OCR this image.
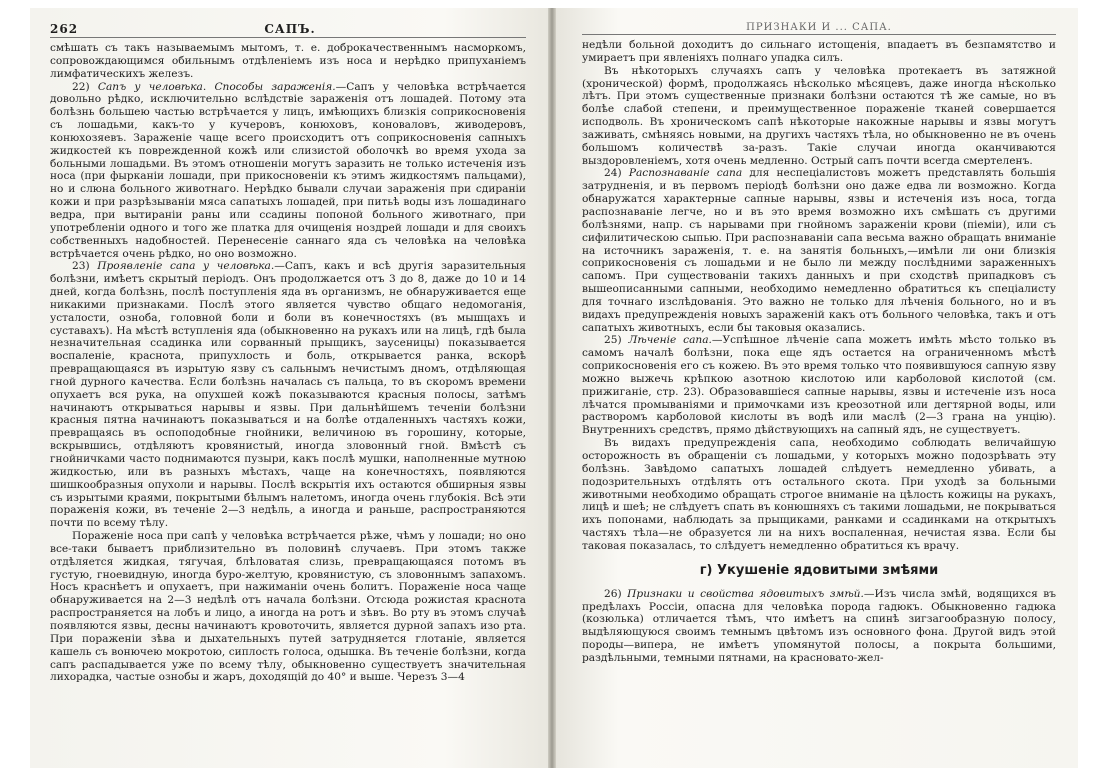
262	САПЪ.

смѣшать съ такъ называемымъ мытомъ, т. е. доброкачественнымъ насморкомъ, сопровождающимся обильнымъ отдѣленіемъ изъ носа и нерѣдко припуханіемъ лимфатическихъ железъ.

22) Сапъ у человѣка. Способы зараженія.—Сапъ у человѣка встрѣчается довольно рѣдко, исключительно вслѣдствіе зараженія отъ лошадей. Потому эта болѣзнь большею частью встрѣчается у лицъ, имѣющихъ близкія соприкосновенія съ лошадьми, какъ-то у кучеровъ, конюховъ, коноваловъ, живодеровъ, конюхозяевъ. Зараженіе чаще всего происходитъ отъ соприкосновенія сапныхъ жидкостей къ поврежденной кожѣ или слизистой оболочкѣ во время ухода за больными лошадьми. Въ этомъ отношеніи могутъ заразить не только истеченія изъ носа (при фырканіи лошади, при прикосновеніи къ этимъ жидкостямъ пальцами), но и слюна больного животнаго. Нерѣдко бывали случаи зараженія при сдираніи кожи и при разрѣзываніи мяса сапатыхъ лошадей, при питьѣ воды изъ лошадинаго ведра, при вытираніи раны или ссадины попоной больного животнаго, при употребленіи одного и того же платка для очищенія ноздрей лошади и для своихъ собственныхъ надобностей. Перенесеніе саннаго яда съ человѣка на человѣка встрѣчается очень рѣдко, но оно возможно.

23) Проявленіе сапа у человѣка.—Сапъ, какъ и всѣ другія заразительныя болѣзни, имѣетъ скрытый періодъ. Онъ продолжается отъ 3 до 8, даже до 10 и 14 дней, когда болѣзнь, послѣ поступленія яда въ организмъ, не обнаруживается еще никакими признаками. Послѣ этого является чувство общаго недомоганія, усталости, озноба, головной боли и боли въ конечностяхъ (въ мышцахъ и суставахъ). На мѣстѣ вступленія яда (обыкновенно на рукахъ или на лицѣ, гдѣ была незначительная ссадинка или сорванный прыщикъ, заусеницы) показывается воспаленіе, краснота, припухлость и боль, открывается ранка, вскорѣ превращающаяся въ изрытую язву съ сальнымъ нечистымъ дномъ, отдѣляющая гной дурного качества. Если болѣзнь началась съ пальца, то въ скоромъ времени опухаетъ вся рука, на опухшей кожѣ показываются красныя полосы, затѣмъ начинаютъ открываться нарывы и язвы. При дальнѣйшемъ теченіи болѣзни красныя пятна начинаютъ показываться и на болѣе отдаленныхъ частяхъ кожи, превращаясь въ оспоподобные гнойники, величиною въ горошину, которые, вскрывшись, отдѣляютъ кровянистый, иногда зловонный гной. Вмѣстѣ съ гнойничками часто поднимаются пузыри, какъ послѣ мушки, наполненные мутною жидкостью, или въ разныхъ мѣстахъ, чаще на конечностяхъ, появляются шишкообразныя опухоли и нарывы. Послѣ вскрытія ихъ остаются обширныя язвы съ изрытыми краями, покрытыми бѣлымъ налетомъ, иногда очень глубокія. Всѣ эти пораженія кожи, въ теченіе 2—3 недѣль, а иногда и раньше, распространяются почти по всему тѣлу.

Пораженіе носа при сапѣ у человѣка встрѣчается рѣже, чѣмъ у лошади; но оно все-таки бываетъ приблизительно въ половинѣ случаевъ. При этомъ также отдѣляется жидкая, тягучая, блѣловатая слизь, превращающаяся потомъ въ густую, гноевидную, иногда буро-желтую, кровянистую, съ зловоннымъ запахомъ. Носъ краснѣетъ и опухаетъ, при нажиманіи очень болитъ. Пораженіе носа чаще обнаруживается на 2—3 недѣлѣ отъ начала болѣзни. Отсюда рожистая краснота распространяется на лобъ и лицо, а иногда на ротъ и зѣвъ. Во рту въ этомъ случаѣ появляются язвы, десны начинаютъ кровоточить, является дурной запахъ изо рта. При пораженіи зѣва и дыхательныхъ путей затрудняется глотаніе, является кашель съ вонючею мокротою, сиплость голоса, одышка. Въ теченіе болѣзни, когда сапъ распадывается уже по всему тѣлу, обыкновенно существуетъ значительная лихорадка, частые ознобы и жаръ, доходящій до 40° и выше. Черезъ 3—4

ПРИЗНАКИ И ... САПА.

недѣли больной доходитъ до сильнаго истощенія, впадаетъ въ безпамятство и умираетъ при явленіяхъ полнаго упадка силъ.

Въ нѣкоторыхъ случаяхъ сапъ у человѣка протекаетъ въ затяжной (хронической) формѣ, продолжаясь нѣсколько мѣсяцевъ, даже иногда нѣсколько лѣтъ. При этомъ существенные признаки болѣзни остаются тѣ же самые, но въ болѣе слабой степени, и преимущественное пораженіе тканей совершается исподволь. Въ хроническомъ сапѣ нѣкоторые накожные нарывы и язвы могутъ заживать, смѣняясь новыми, на другихъ частяхъ тѣла, но обыкновенно не въ очень большомъ количествѣ за-разъ. Такіе случаи иногда оканчиваются выздоровленіемъ, хотя очень медленно. Острый сапъ почти всегда смертеленъ.

24) Распознаваніе сапа для неспеціалистовъ можетъ представлять большія затрудненія, и въ первомъ періодѣ болѣзни оно даже едва ли возможно. Когда обнаружатся характерные сапные нарывы, язвы и истеченія изъ носа, тогда распознаваніе легче, но и въ это время возможно ихъ смѣшать съ другими болѣзнями, напр. съ нарывами при гнойномъ зараженіи крови (піеміи), или съ сифилитическою сыпью. При распознаваніи сапа весьма важно обращать вниманіе на источникъ зараженія, т. е. на занятія больныхъ,—имѣли ли они близкія соприкосновенія съ лошадьми и не было ли между послѣдними зараженныхъ сапомъ. При существованіи такихъ данныхъ и при сходствѣ припадковъ съ вышеописанными сапными, необходимо немедленно обратиться къ спеціалисту для точнаго изслѣдованія. Это важно не только для лѣченія больного, но и въ видахъ предупрежденія новыхъ зараженій какъ отъ больного человѣка, такъ и отъ сапатыхъ животныхъ, если бы таковыя оказались.

25) Лѣченіе сапа.—Успѣшное лѣченіе сапа можетъ имѣть мѣсто только въ самомъ началѣ болѣзни, пока еще ядъ остается на ограниченномъ мѣстѣ соприкосновенія его съ кожею. Въ это время только что появившуюся сапную язву можно выжечь крѣпкою азотною кислотою или карболовой кислотой (см. прижиганіе, стр. 23). Образовавшіеся сапные нарывы, язвы и истеченіе изъ носа лѣчатся промываніями и примочками изъ креозотной или дегтярной воды, или растворомъ карболовой кислоты въ водѣ или маслѣ (2—3 грана на унцію). Внутреннихъ средствъ, прямо дѣйствующихъ на сапный ядъ, не существуетъ.

Въ видахъ предупрежденія сапа, необходимо соблюдать величайшую осторожность въ обращеніи съ лошадьми, у которыхъ можно подозрѣвать эту болѣзнь. Завѣдомо сапатыхъ лошадей слѣдуетъ немедленно убивать, а подозрительныхъ отдѣлять отъ остального скота. При уходѣ за больными животными необходимо обращать строгое вниманіе на цѣлость кожицы на рукахъ, лицѣ и шеѣ; не слѣдуетъ спать въ конюшняхъ съ такими лошадьми, не покрываться ихъ попонами, наблюдать за прыщиками, ранками и ссадинками на открытыхъ частяхъ тѣла—не образуется ли на нихъ воспаленная, нечистая язва. Если бы таковая показалась, то слѣдуетъ немедленно обратиться къ врачу.

г) Укушеніе ядовитыми змѣями

26) Признаки и свойства ядовитыхъ змѣй.—Изъ числа змѣй, водящихся въ предѣлахъ Россіи, опасна для человѣка порода гадюкъ. Обыкновенно гадюка (козюлька) отличается тѣмъ, что имѣетъ на спинѣ зигзагообразную полосу, выдѣляющуюся своимъ темнымъ цвѣтомъ изъ основного фона. Другой видъ этой породы—випера, не имѣетъ упомянутой полосы, а покрыта большими, раздѣльными, темными пятнами, на красновато-жел-
